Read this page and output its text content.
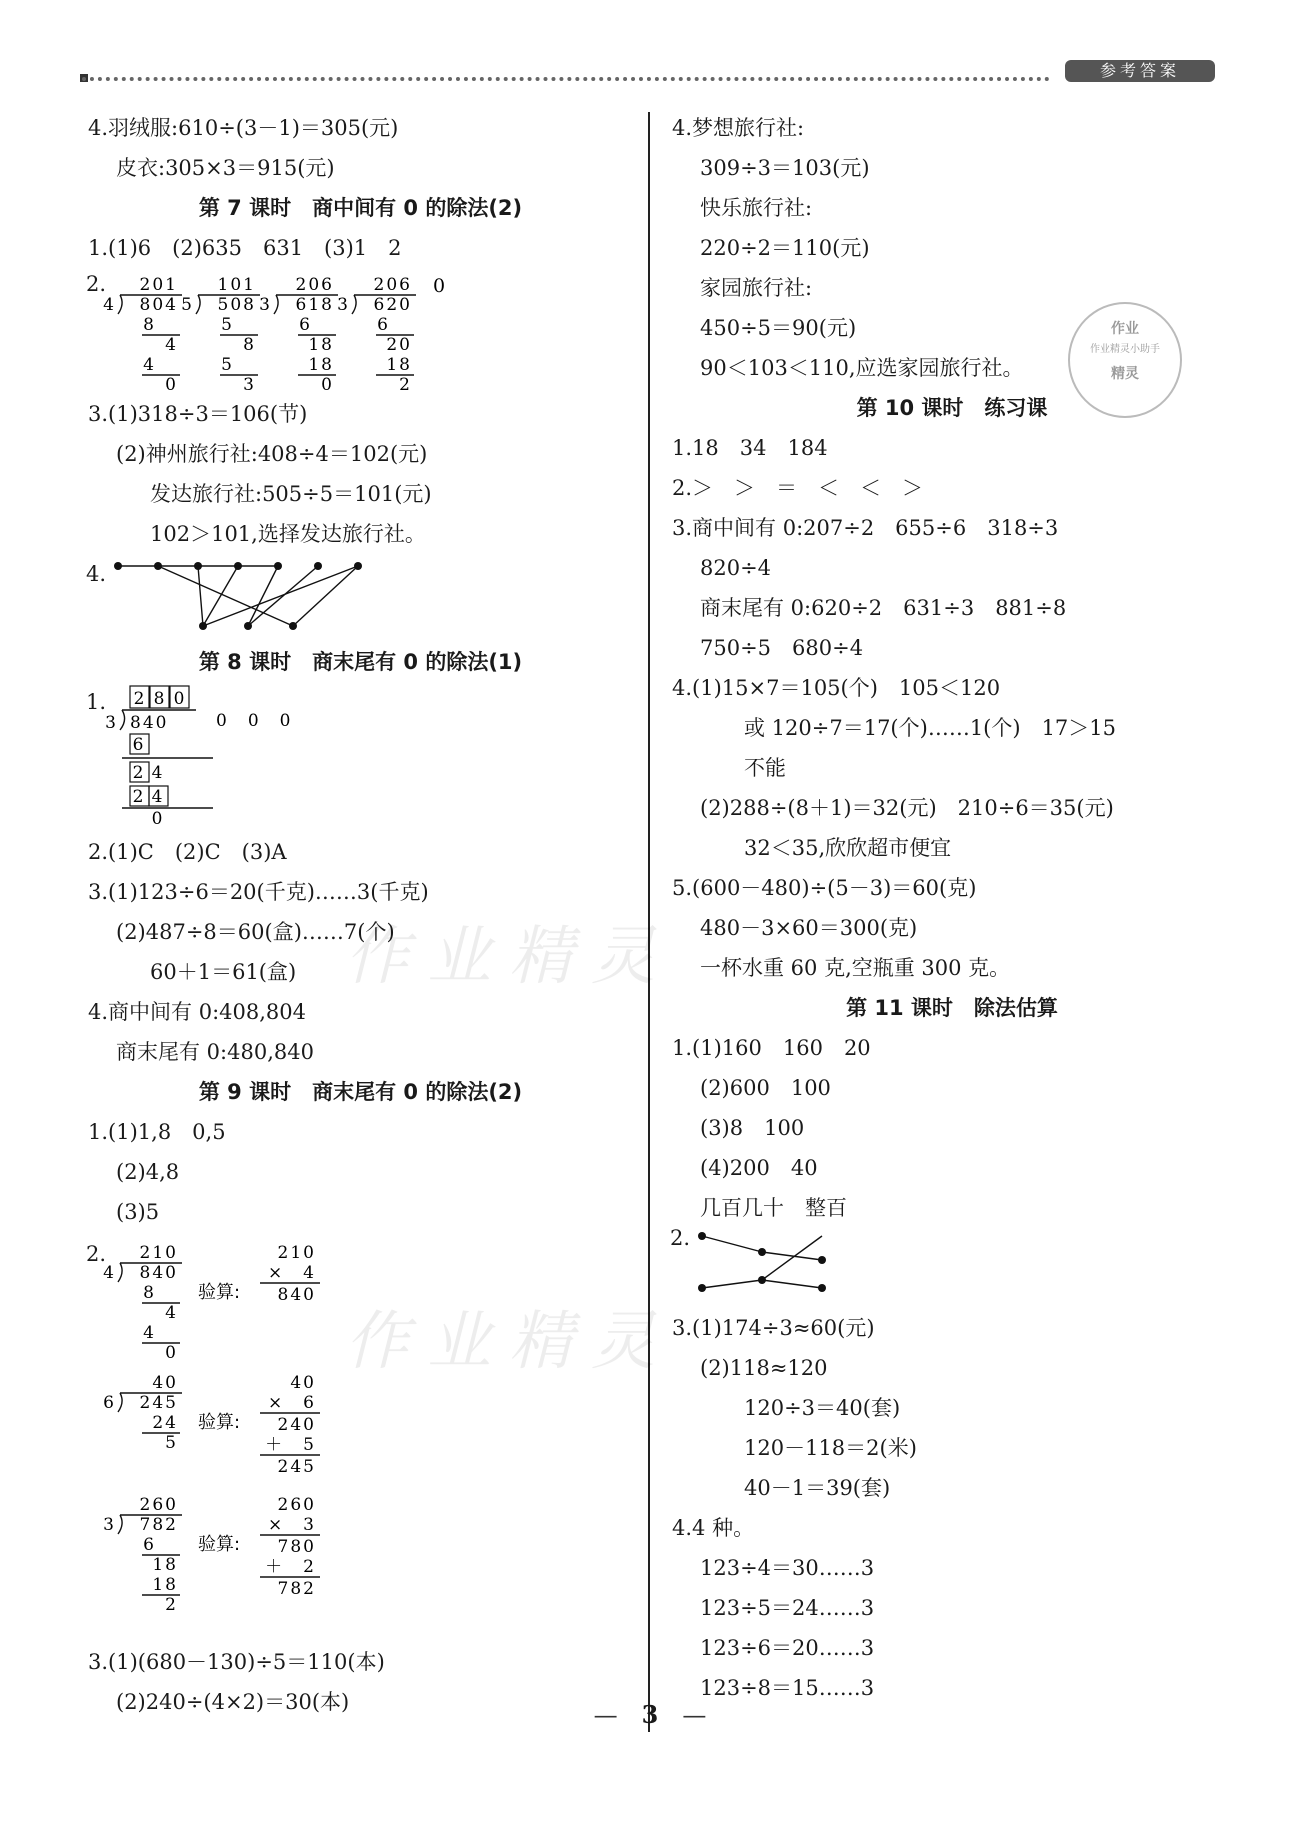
参考答案
4.羽绒服:610÷(3－1)＝305(元)
皮衣:305×3＝915(元)
第 7 课时　商中间有 0 的除法(2)
1.(1)6　(2)635　631　(3)1　2
4
201
804
8
4
4
0
5
101
508
5
8
5
3
3
206
618
6
18
18
0
3
206
620
6
20
18
2
0
2.
3.(1)318÷3＝106(节)
(2)神州旅行社:408÷4＝102(元)
发达旅行社:505÷5＝101(元)
102＞101,选择发达旅行社。
4.
第 8 课时　商末尾有 0 的除法(1)
2 8 0
3 840	0　0　0
6
2 4
2 4
0
1.
2.(1)C　(2)C　(3)A
3.(1)123÷6＝20(千克)……3(千克)
(2)487÷8＝60(盒)……7(个)
60＋1＝61(盒)
4.商中间有 0:408,804
商末尾有 0:480,840
第 9 课时　商末尾有 0 的除法(2)
1.(1)1,8　0,5
(2)4,8
(3)5
4
210
840
8
4
4
0
验算:
210
×　4
840
6
40
245
24
5
验算:
40
×　6
240
＋　5
245
3
260
782
6
18
18
2
验算:
260
×　3
780
＋　2
782
2.
3.(1)(680－130)÷5＝110(本)
(2)240÷(4×2)＝30(本)
4.梦想旅行社:
309÷3＝103(元)
快乐旅行社:
220÷2＝110(元)
家园旅行社:
450÷5＝90(元)
90＜103＜110,应选家园旅行社。
第 10 课时　练习课
1.18　34　184
2.＞　＞　＝　＜　＜　＞
3.商中间有 0:207÷2　655÷6　318÷3
820÷4
商末尾有 0:620÷2　631÷3　881÷8
750÷5　680÷4
4.(1)15×7＝105(个)　105＜120
或 120÷7＝17(个)……1(个)　17＞15
不能
(2)288÷(8＋1)＝32(元)　210÷6＝35(元)
32＜35,欣欣超市便宜
5.(600－480)÷(5－3)＝60(克)
480－3×60＝300(克)
一杯水重 60 克,空瓶重 300 克。
第 11 课时　除法估算
1.(1)160　160　20
(2)600　100
(3)8　100
(4)200　40
几百几十　整百
2.
3.(1)174÷3≈60(元)
(2)118≈120
120÷3＝40(套)
120－118＝2(米)
40－1＝39(套)
4.4 种。
123÷4＝30……3
123÷5＝24……3
123÷6＝20……3
123÷8＝15……3
作业精灵
作业精灵
作业
作业精灵小助手
精灵
—　3　—
